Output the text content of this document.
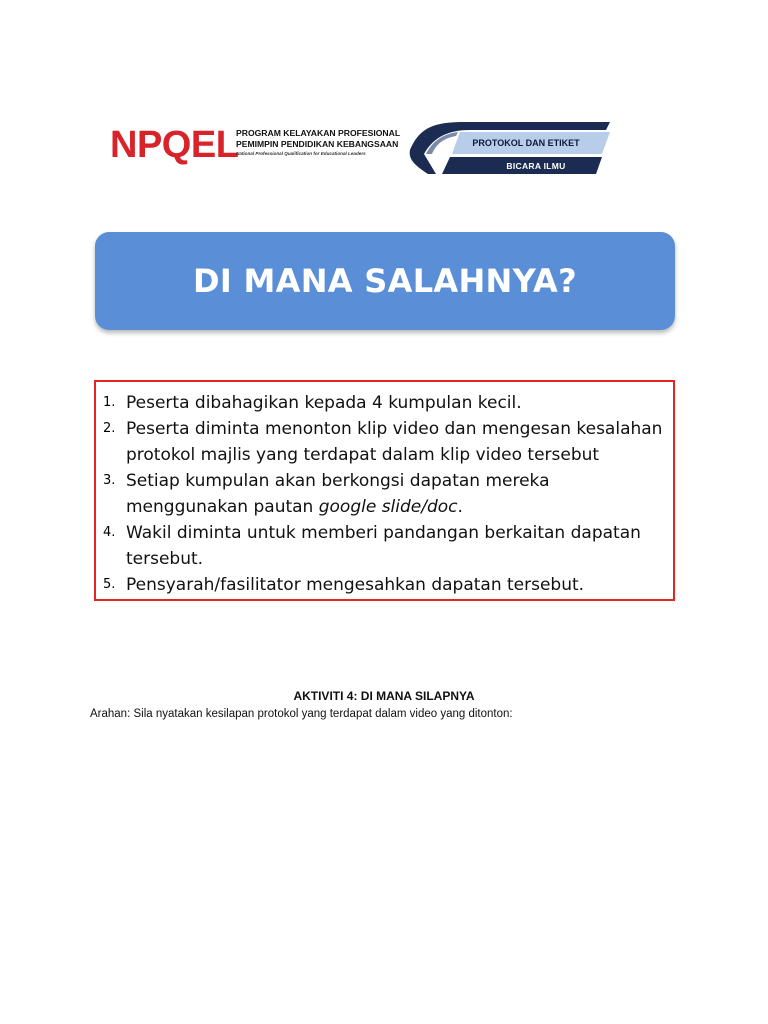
NPQEL
PROGRAM KELAYAKAN PROFESIONAL
PEMIMPIN PENDIDIKAN KEBANGSAAN
National Professional Qualification for Educational Leaders
PROTOKOL DAN ETIKET
BICARA ILMU
DI MANA SALAHNYA?
1. Peserta dibahagikan kepada 4 kumpulan kecil.
2. Peserta diminta menonton klip video dan mengesan kesalahan
protokol majlis yang terdapat dalam klip video tersebut
3. Setiap kumpulan akan berkongsi dapatan mereka
menggunakan pautan google slide/doc.
4. Wakil diminta untuk memberi pandangan berkaitan dapatan
tersebut.
5. Pensyarah/fasilitator mengesahkan dapatan tersebut.
AKTIVITI 4: DI MANA SILAPNYA
Arahan: Sila nyatakan kesilapan protokol yang terdapat dalam video yang ditonton:
